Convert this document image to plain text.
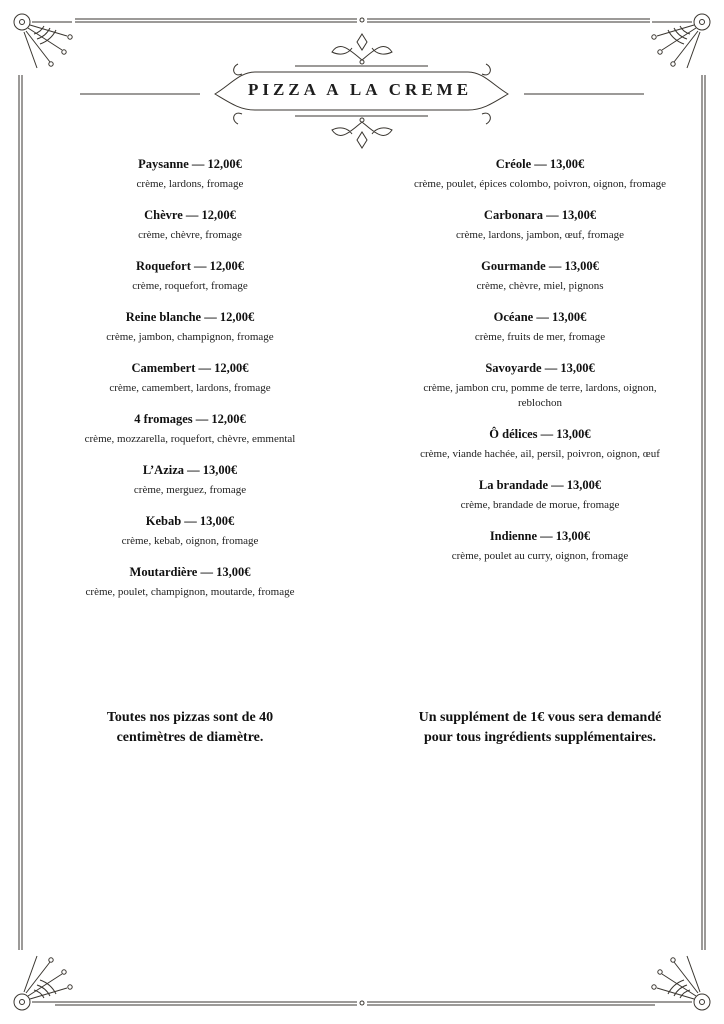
PIZZA A LA CREME
Paysanne — 12,00€
crème, lardons, fromage
Chèvre — 12,00€
crème, chèvre, fromage
Roquefort — 12,00€
crème, roquefort, fromage
Reine blanche — 12,00€
crème, jambon, champignon, fromage
Camembert — 12,00€
crème, camembert, lardons, fromage
4 fromages — 12,00€
crème, mozzarella, roquefort, chèvre, emmental
L’Aziza — 13,00€
crème, merguez, fromage
Kebab — 13,00€
crème, kebab, oignon, fromage
Moutardière — 13,00€
crème, poulet, champignon, moutarde, fromage
Créole — 13,00€
crème, poulet, épices colombo, poivron, oignon, fromage
Carbonara — 13,00€
crème, lardons, jambon, œuf, fromage
Gourmande — 13,00€
crème, chèvre, miel, pignons
Océane — 13,00€
crème, fruits de mer, fromage
Savoyarde — 13,00€
crème, jambon cru, pomme de terre, lardons, oignon, reblochon
Ô délices — 13,00€
crème, viande hachée, ail, persil, poivron, oignon, œuf
La brandade — 13,00€
crème, brandade de morue, fromage
Indienne — 13,00€
crème, poulet au curry, oignon, fromage
Toutes nos pizzas sont de 40 centimètres de diamètre.
Un supplément de 1€ vous sera demandé pour tous ingrédients supplémentaires.
